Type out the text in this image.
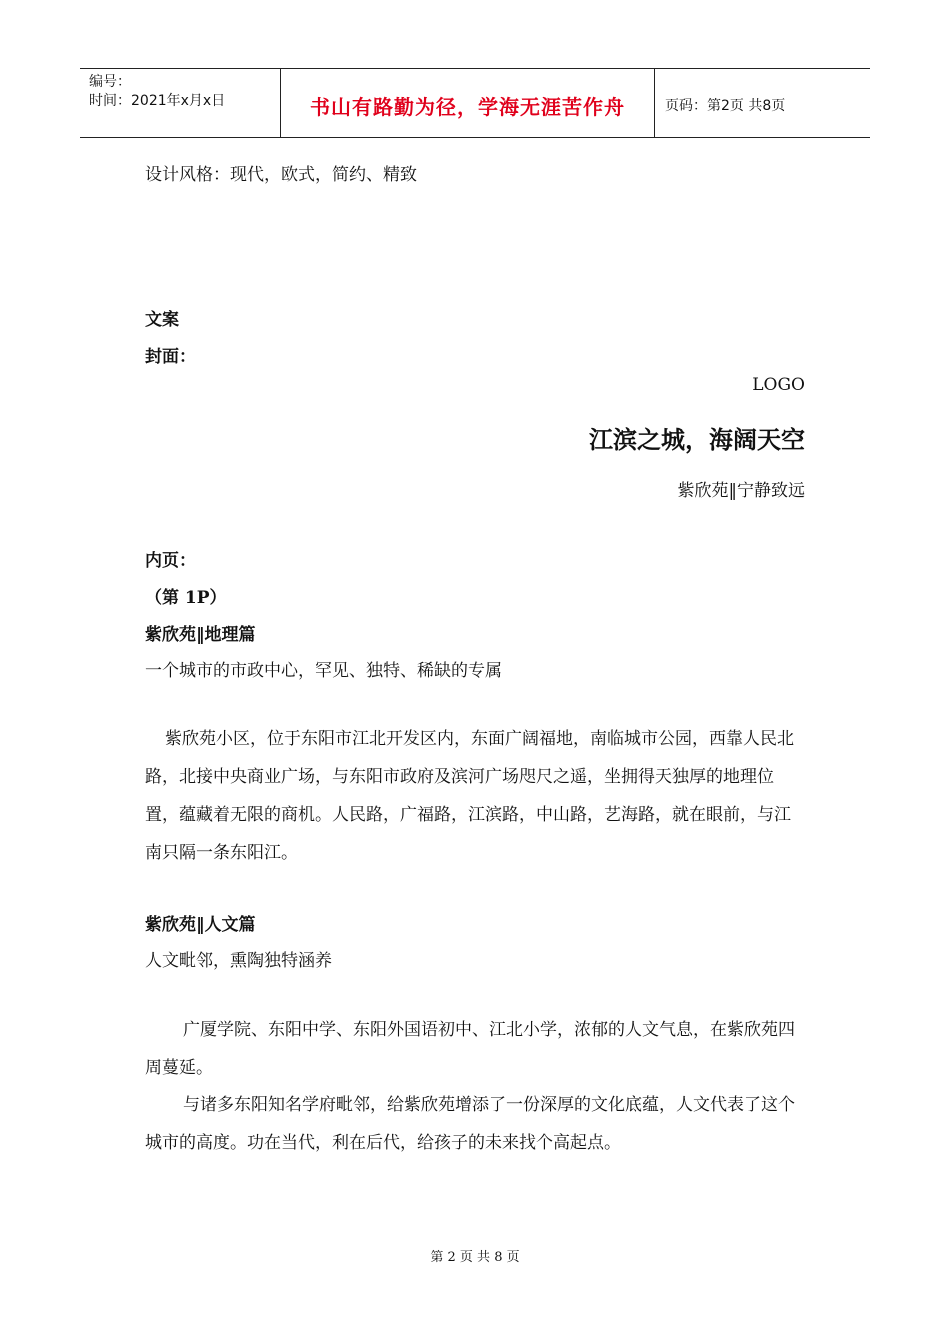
编号：
时间：2021年x月x日	书山有路勤为径，学海无涯苦作舟	页码：第2页 共8页
设计风格：现代，欧式，简约、精致
文案
封面：
LOGO
江滨之城，海阔天空
紫欣苑‖宁静致远
内页：
（第 1P）
紫欣苑‖地理篇
一个城市的市政中心，罕见、独特、稀缺的专属
紫欣苑小区，位于东阳市江北开发区内，东面广阔福地，南临城市公园，西靠人民北路，北接中央商业广场，与东阳市政府及滨河广场咫尺之遥，坐拥得天独厚的地理位置，蕴藏着无限的商机。人民路，广福路，江滨路，中山路，艺海路，就在眼前，与江南只隔一条东阳江。
紫欣苑‖人文篇
人文毗邻，熏陶独特涵养
广厦学院、东阳中学、东阳外国语初中、江北小学，浓郁的人文气息，在紫欣苑四周蔓延。
与诸多东阳知名学府毗邻，给紫欣苑增添了一份深厚的文化底蕴，人文代表了这个城市的高度。功在当代，利在后代，给孩子的未来找个高起点。
第 2 页 共 8 页
